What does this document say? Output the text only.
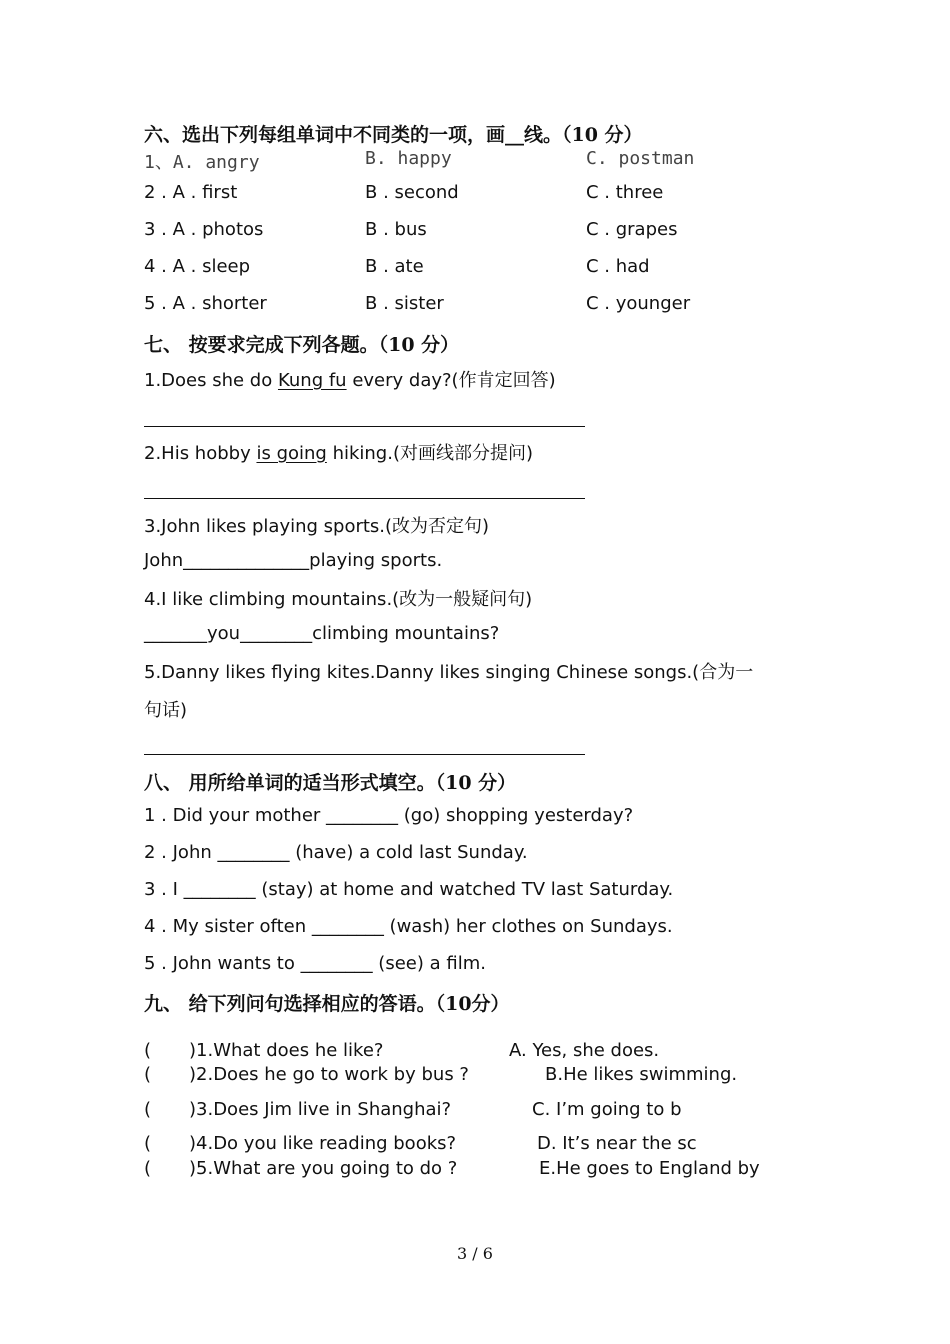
六、选出下列每组单词中不同类的一项，画__线。（10 分）
1、A. angry	B. happy	C. postman
2 . A . first	B . second	C . three
3 . A . photos	B . bus	C . grapes
4 . A . sleep	B . ate	C . had
5 . A . shorter	B . sister	C . younger
七、 按要求完成下列各题。（10 分）
1.Does she do Kung fu every day?(作肯定回答)
2.His hobby is going hiking.(对画线部分提问)
3.John likes playing sports.(改为否定句)
John______________playing sports.
4.I like climbing mountains.(改为一般疑问句)
_______you________climbing mountains?
5.Danny likes flying kites.Danny likes singing Chinese songs.(合为一
句话)
八、 用所给单词的适当形式填空。（10 分）
1 . Did your mother ________ (go) shopping yesterday?
2 . John ________ (have) a cold last Sunday.
3 . I ________ (stay) at home and watched TV last Saturday.
4 . My sister often ________ (wash) her clothes on Sundays.
5 . John wants to ________ (see) a film.
九、 给下列问句选择相应的答语。（10分）
( )1.What does he like?	A. Yes, she does.
( )2.Does he go to work by bus ?	B.He likes swimming.
( )3.Does Jim live in Shanghai?	C. I’m going to b
( )4.Do you like reading books?	D. It’s near the sc
( )5.What are you going to do ?	E.He goes to England by
3 / 6
